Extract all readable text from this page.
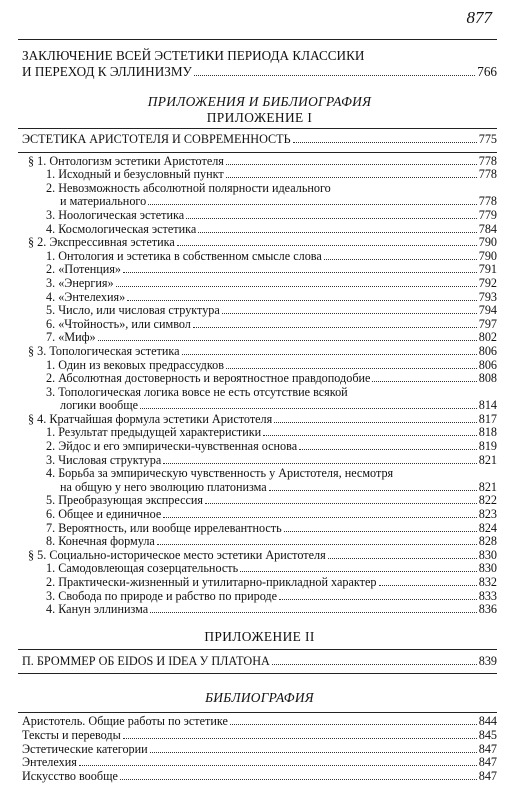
877
ЗАКЛЮЧЕНИЕ ВСЕЙ ЭСТЕТИКИ ПЕРИОДА КЛАССИКИ
И ПЕРЕХОД К ЭЛЛИНИЗМУ	766
ПРИЛОЖЕНИЯ И БИБЛИОГРАФИЯ
ПРИЛОЖЕНИЕ I
ЭСТЕТИКА АРИСТОТЕЛЯ И СОВРЕМЕННОСТЬ	775
§ 1. Онтологизм эстетики Аристотеля	778
1. Исходный и безусловный пункт	778
2. Невозможность абсолютной полярности идеального
и материального	778
3. Ноологическая эстетика	779
4. Космологическая эстетика	784
§ 2. Экспрессивная эстетика	790
1. Онтология и эстетика в собственном смысле слова	790
2. «Потенция»	791
3. «Энергия»	792
4. «Энтелехия»	793
5. Число, или числовая структура	794
6. «Чтойность», или символ	797
7. «Миф»	802
§ 3. Топологическая эстетика	806
1. Один из вековых предрассудков	806
2. Абсолютная достоверность и вероятностное правдоподобие	808
3. Топологическая логика вовсе не есть отсутствие всякой
логики вообще	814
§ 4. Кратчайшая формула эстетики Аристотеля	817
1. Результат предыдущей характеристики	818
2. Эйдос и его эмпирически-чувственная основа	819
3. Числовая структура	821
4. Борьба за эмпирическую чувственность у Аристотеля, несмотря
на общую у него эволюцию платонизма	821
5. Преобразующая экспрессия	822
6. Общее и единичное	823
7. Вероятность, или вообще иррелевантность	824
8. Конечная формула	828
§ 5. Социально-историческое место эстетики Аристотеля	830
1. Самодовлеющая созерцательность	830
2. Практически-жизненный и утилитарно-прикладной характер	832
3. Свобода по природе и рабство по природе	833
4. Канун эллинизма	836
ПРИЛОЖЕНИЕ II
П. БРОММЕР ОБ EIDOS И IDEA У ПЛАТОНА	839
БИБЛИОГРАФИЯ
Аристотель. Общие работы по эстетике	844
Тексты и переводы	845
Эстетические категории	847
Энтелехия	847
Искусство вообще	847
